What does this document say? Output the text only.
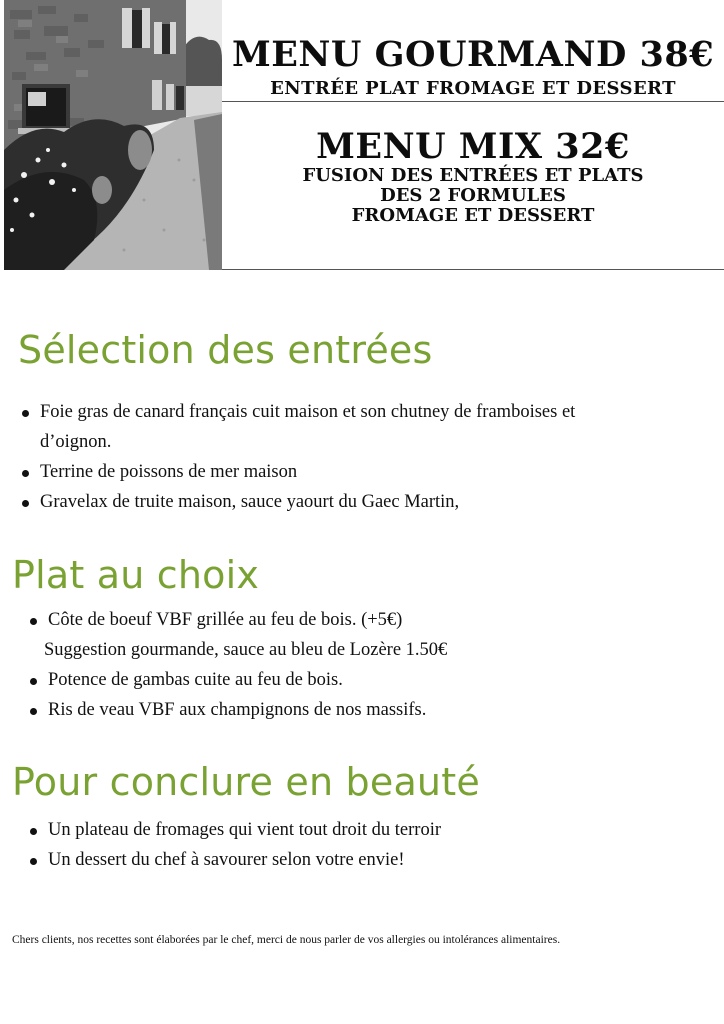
MENU GOURMAND 38€
ENTRÉE PLAT FROMAGE ET DESSERT
MENU MIX 32€
FUSION DES ENTRÉES ET PLATS
DES 2 FORMULES
FROMAGE ET DESSERT
Sélection des entrées
Foie gras de canard français cuit maison et son chutney de framboises et
d’oignon.
Terrine de poissons de mer maison
Gravelax de truite maison, sauce yaourt du Gaec Martin,
Plat au choix
Côte de boeuf VBF grillée au feu de bois. (+5€)
Suggestion gourmande, sauce au bleu de Lozère 1.50€
Potence de gambas cuite au feu de bois.
Ris de veau VBF aux champignons de nos massifs.
Pour conclure en beauté
Un plateau de fromages qui vient tout droit du terroir
Un dessert du chef à savourer selon votre envie!
Chers clients, nos recettes sont élaborées par le chef, merci de nous parler de vos allergies ou intolérances alimentaires.
